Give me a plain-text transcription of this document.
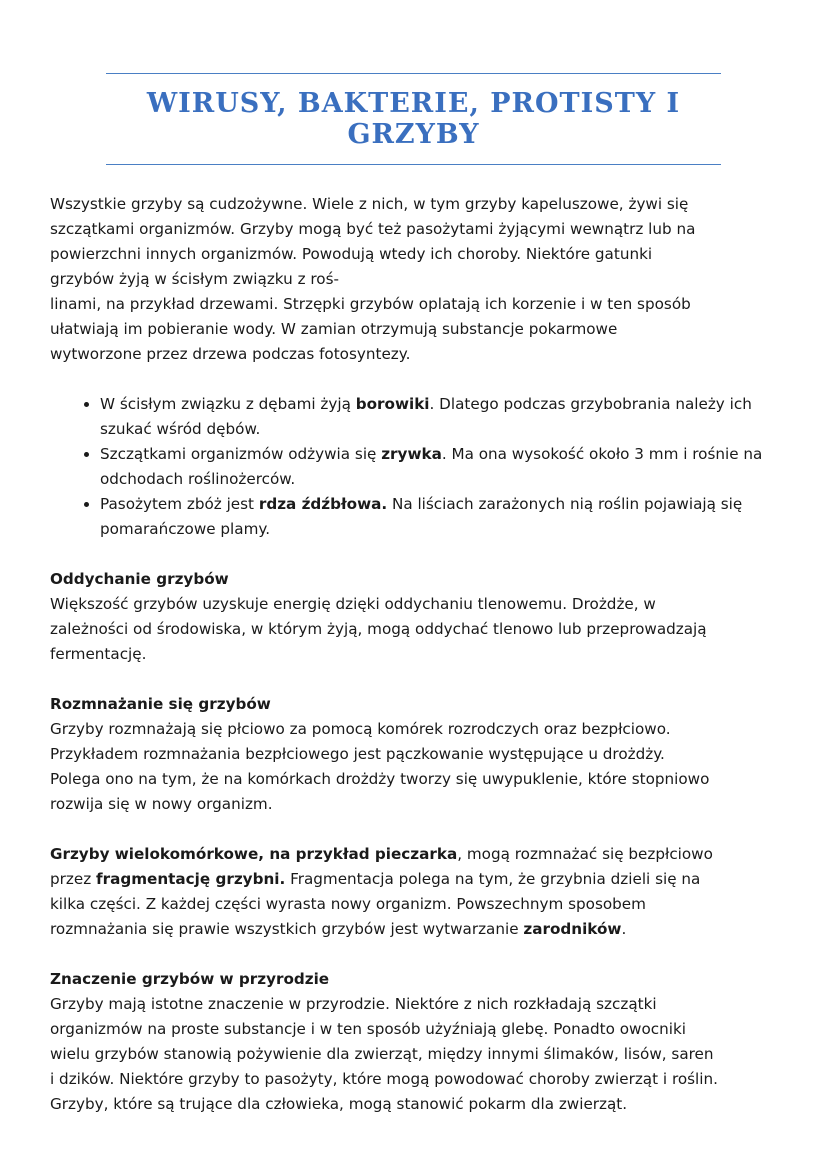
WIRUSY, BAKTERIE, PROTISTY I
GRZYBY

Wszystkie grzyby są cudzożywne. Wiele z nich, w tym grzyby kapeluszowe, żywi się
szczątkami organizmów. Grzyby mogą być też pasożytami żyjącymi wewnątrz lub na
powierzchni innych organizmów. Powodują wtedy ich choroby. Niektóre gatunki
grzybów żyją w ścisłym związku z roś-
linami, na przykład drzewami. Strzępki grzybów oplatają ich korzenie i w ten sposób
ułatwiają im pobieranie wody. W zamian otrzymują substancje pokarmowe
wytworzone przez drzewa podczas fotosyntezy.

• W ścisłym związku z dębami żyją borowiki. Dlatego podczas grzybobrania należy ich szukać wśród dębów.
• Szczątkami organizmów odżywia się zrywka. Ma ona wysokość około 3 mm i rośnie na odchodach roślinożerców.
• Pasożytem zbóż jest rdza źdźbłowa. Na liściach zarażonych nią roślin pojawiają się pomarańczowe plamy.

Oddychanie grzybów

Większość grzybów uzyskuje energię dzięki oddychaniu tlenowemu. Drożdże, w
zależności od środowiska, w którym żyją, mogą oddychać tlenowo lub przeprowadzają
fermentację.

Rozmnażanie się grzybów

Grzyby rozmnażają się płciowo za pomocą komórek rozrodczych oraz bezpłciowo.
Przykładem rozmnażania bezpłciowego jest pączkowanie występujące u drożdży.
Polega ono na tym, że na komórkach drożdży tworzy się uwypuklenie, które stopniowo
rozwija się w nowy organizm.

Grzyby wielokomórkowe, na przykład pieczarka, mogą rozmnażać się bezpłciowo
przez fragmentację grzybni. Fragmentacja polega na tym, że grzybnia dzieli się na
kilka części. Z każdej części wyrasta nowy organizm. Powszechnym sposobem
rozmnażania się prawie wszystkich grzybów jest wytwarzanie zarodników.

Znaczenie grzybów w przyrodzie

Grzyby mają istotne znaczenie w przyrodzie. Niektóre z nich rozkładają szczątki
organizmów na proste substancje i w ten sposób użyźniają glebę. Ponadto owocniki
wielu grzybów stanowią pożywienie dla zwierząt, między innymi ślimaków, lisów, saren
i dzików. Niektóre grzyby to pasożyty, które mogą powodować choroby zwierząt i roślin.
Grzyby, które są trujące dla człowieka, mogą stanowić pokarm dla zwierząt.
